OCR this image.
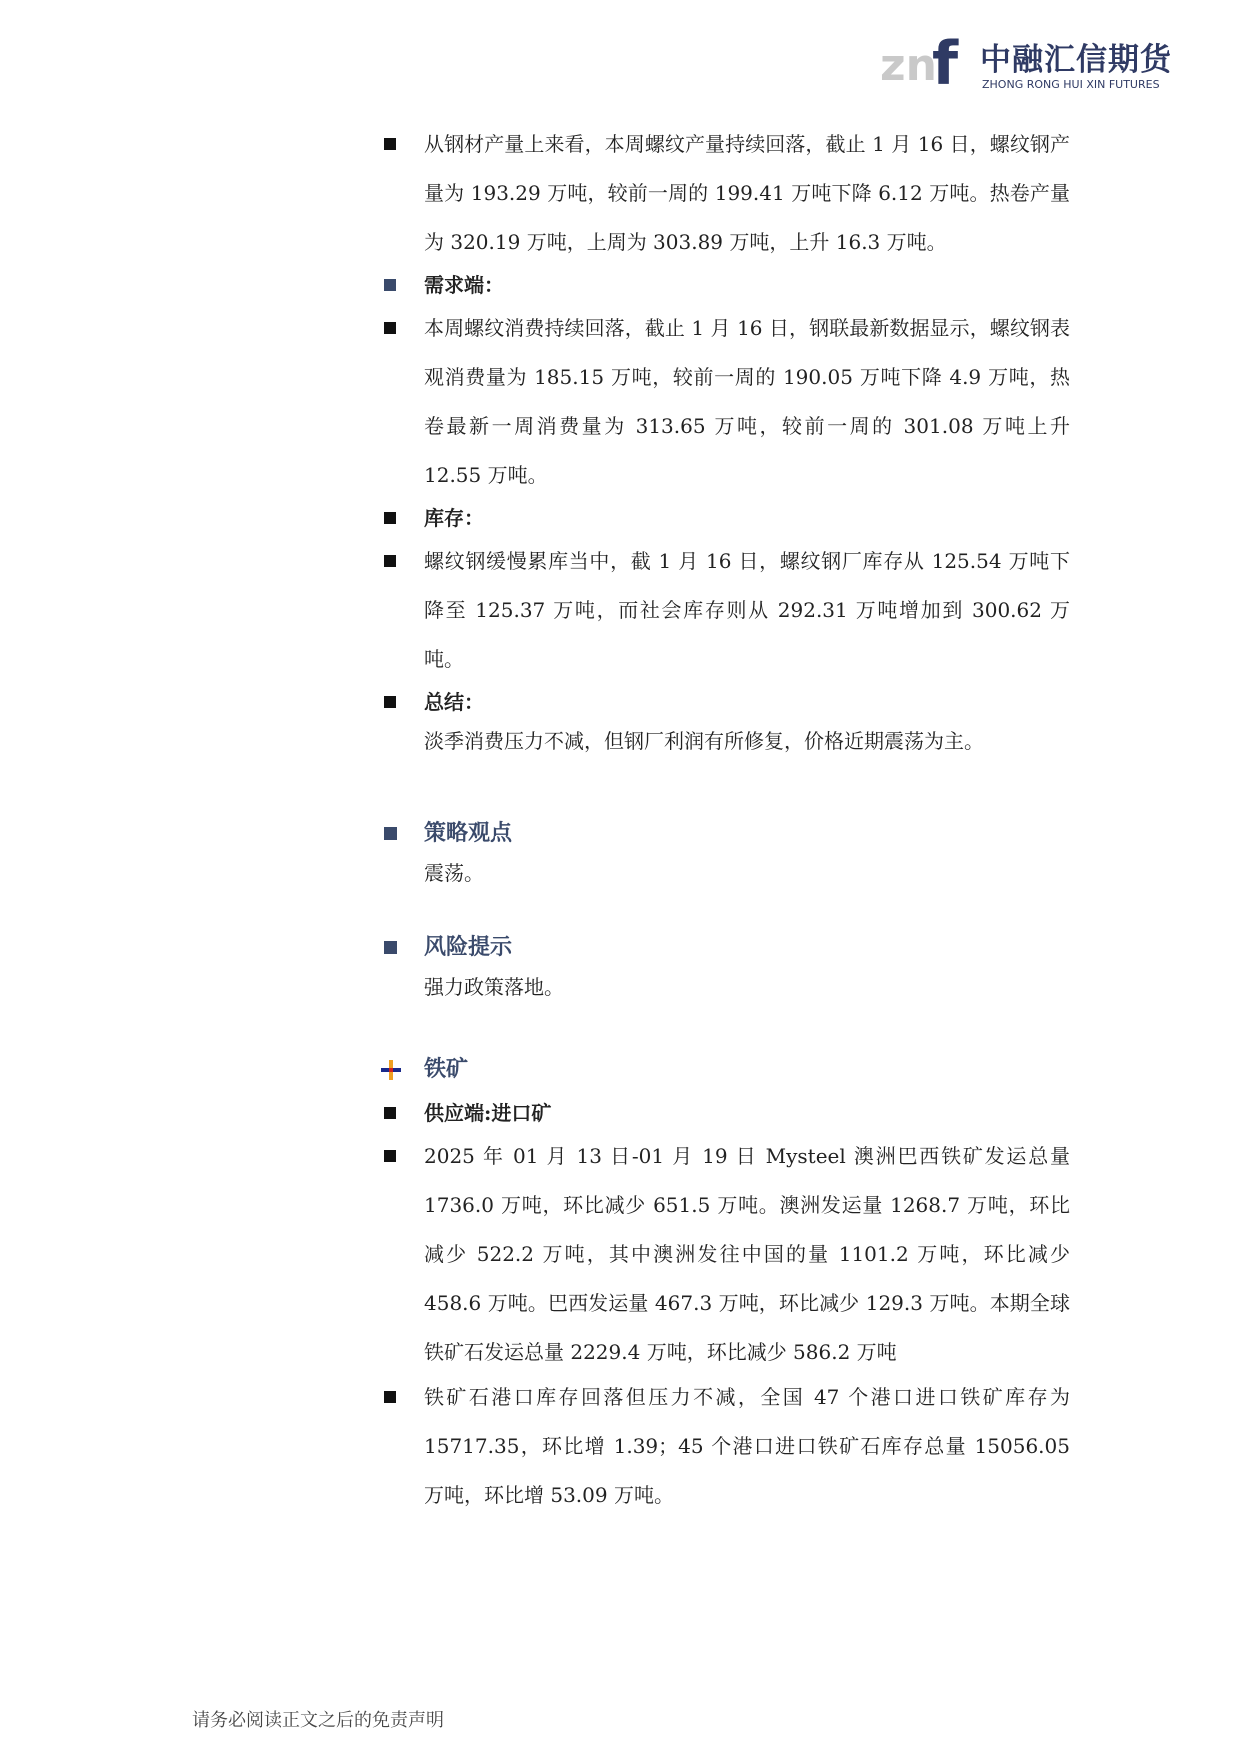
zn
f 中融汇信期货
ZHONG RONG HUI XIN FUTURES
从钢材产量上来看，本周螺纹产量持续回落，截止 1 月 16 日，螺纹钢产量为 193.29 万吨，较前一周的 199.41 万吨下降 6.12 万吨。热卷产量为 320.19 万吨，上周为 303.89 万吨，上升 16.3 万吨。
需求端：
本周螺纹消费持续回落，截止 1 月 16 日，钢联最新数据显示，螺纹钢表观消费量为 185.15 万吨，较前一周的 190.05 万吨下降 4.9 万吨，热卷最新一周消费量为 313.65 万吨，较前一周的 301.08 万吨上升 12.55 万吨。
库存：
螺纹钢缓慢累库当中，截 1 月 16 日，螺纹钢厂库存从 125.54 万吨下降至 125.37 万吨，而社会库存则从 292.31 万吨增加到 300.62 万吨。
总结：
淡季消费压力不减，但钢厂利润有所修复，价格近期震荡为主。
策略观点
震荡。
风险提示
强力政策落地。
铁矿
供应端:进口矿
2025 年 01 月 13 日-01 月 19 日 Mysteel 澳洲巴西铁矿发运总量 1736.0 万吨，环比减少 651.5 万吨。澳洲发运量 1268.7 万吨，环比减少 522.2 万吨，其中澳洲发往中国的量 1101.2 万吨，环比减少 458.6 万吨。巴西发运量 467.3 万吨，环比减少 129.3 万吨。本期全球铁矿石发运总量 2229.4 万吨，环比减少 586.2 万吨
铁矿石港口库存回落但压力不减，全国 47 个港口进口铁矿库存为 15717.35，环比增 1.39；45 个港口进口铁矿石库存总量 15056.05 万吨，环比增 53.09 万吨。
请务必阅读正文之后的免责声明
